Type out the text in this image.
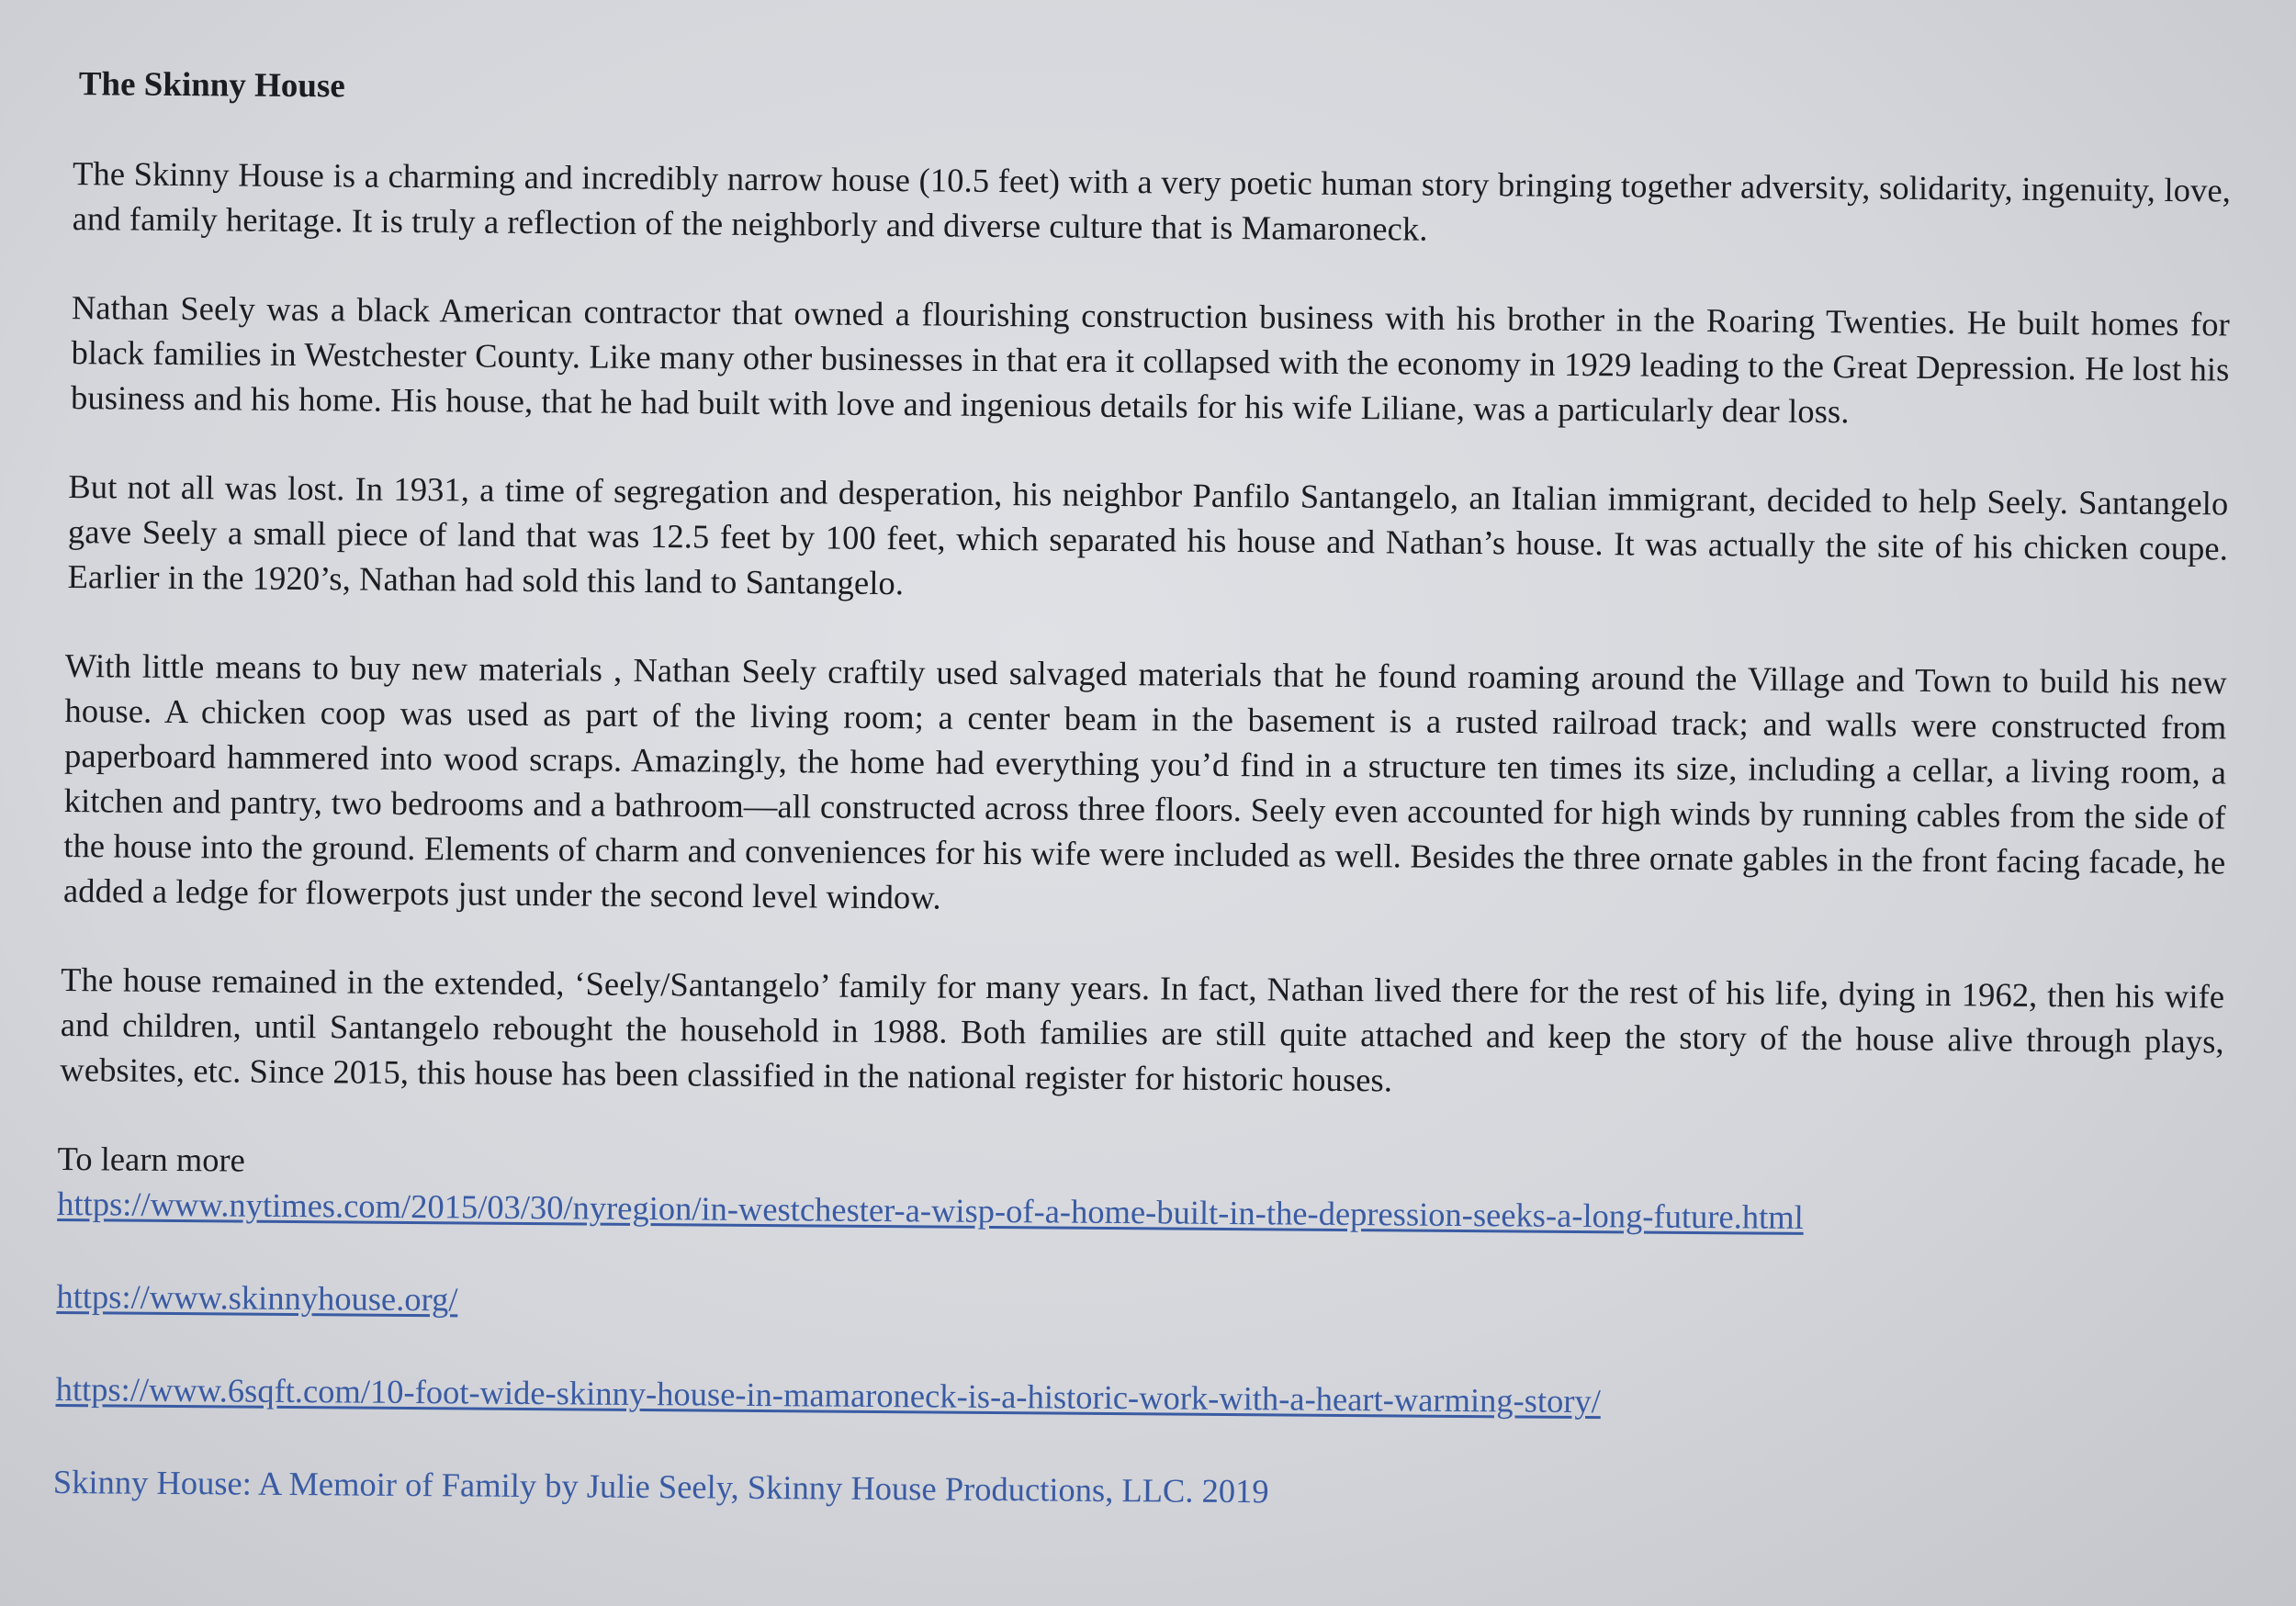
The Skinny House

The Skinny House is a charming and incredibly narrow house (10.5 feet) with a very poetic human story bringing together adversity, solidarity, ingenuity, love, and family heritage. It is truly a reflection of the neighborly and diverse culture that is Mamaroneck.

Nathan Seely was a black American contractor that owned a flourishing construction business with his brother in the Roaring Twenties. He built homes for black families in Westchester County. Like many other businesses in that era it collapsed with the economy in 1929 leading to the Great Depression. He lost his business and his home. His house, that he had built with love and ingenious details for his wife Liliane, was a particularly dear loss.

But not all was lost. In 1931, a time of segregation and desperation, his neighbor Panfilo Santangelo, an Italian immigrant, decided to help Seely. Santangelo gave Seely a small piece of land that was 12.5 feet by 100 feet, which separated his house and Nathan’s house. It was actually the site of his chicken coupe. Earlier in the 1920’s, Nathan had sold this land to Santangelo.

With little means to buy new materials , Nathan Seely craftily used salvaged materials that he found roaming around the Village and Town to build his new house. A chicken coop was used as part of the living room; a center beam in the basement is a rusted railroad track; and walls were constructed from paperboard hammered into wood scraps. Amazingly, the home had everything you’d find in a structure ten times its size, including a cellar, a living room, a kitchen and pantry, two bedrooms and a bathroom—all constructed across three floors. Seely even accounted for high winds by running cables from the side of the house into the ground. Elements of charm and conveniences for his wife were included as well. Besides the three ornate gables in the front facing facade, he added a ledge for flowerpots just under the second level window.

The house remained in the extended, ‘Seely/Santangelo’ family for many years. In fact, Nathan lived there for the rest of his life, dying in 1962, then his wife and children, until Santangelo rebought the household in 1988. Both families are still quite attached and keep the story of the house alive through plays, websites, etc. Since 2015, this house has been classified in the national register for historic houses.

To learn more
https://www.nytimes.com/2015/03/30/nyregion/in-westchester-a-wisp-of-a-home-built-in-the-depression-seeks-a-long-future.html
https://www.skinnyhouse.org/
https://www.6sqft.com/10-foot-wide-skinny-house-in-mamaroneck-is-a-historic-work-with-a-heart-warming-story/
Skinny House: A Memoir of Family by Julie Seely, Skinny House Productions, LLC. 2019
